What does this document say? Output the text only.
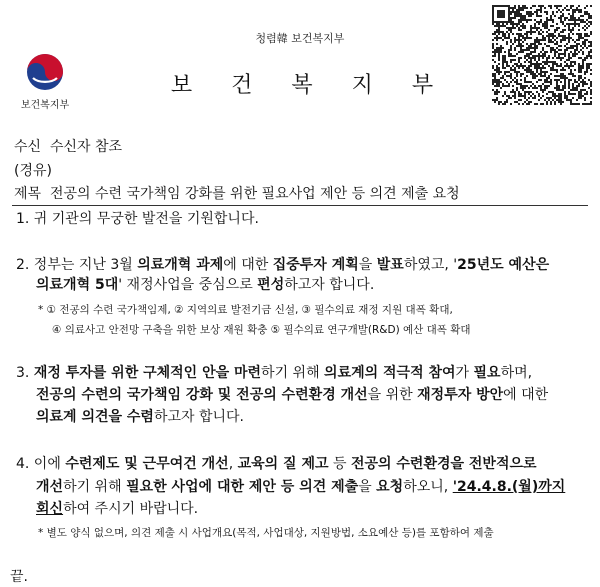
청렴韓 보건복지부
보건복지부
보 건 복 지 부
수신 수신자 참조
(경유)
제목 전공의 수련 국가책임 강화를 위한 필요사업 제안 등 의견 제출 요청
1. 귀 기관의 무궁한 발전을 기원합니다.
2. 정부는 지난 3월 의료개혁 과제에 대한 집중투자 계획을 발표하였고, '25년도 예산은
의료개혁 5대' 재정사업을 중심으로 편성하고자 합니다.
* ① 전공의 수련 국가책임제, ② 지역의료 발전기금 신설, ③ 필수의료 재정 지원 대폭 확대,
④ 의료사고 안전망 구축을 위한 보상 재원 확충 ⑤ 필수의료 연구개발(R&D) 예산 대폭 확대
3. 재정 투자를 위한 구체적인 안을 마련하기 위해 의료계의 적극적 참여가 필요하며,
전공의 수련의 국가책임 강화 및 전공의 수련환경 개선을 위한 재정투자 방안에 대한
의료계 의견을 수렴하고자 합니다.
4. 이에 수련제도 및 근무여건 개선, 교육의 질 제고 등 전공의 수련환경을 전반적으로
개선하기 위해 필요한 사업에 대한 제안 등 의견 제출을 요청하오니, '24.4.8.(월)까지
회신하여 주시기 바랍니다.
* 별도 양식 없으며, 의견 제출 시 사업개요(목적, 사업대상, 지원방법, 소요예산 등)를 포함하여 제출
끝.
